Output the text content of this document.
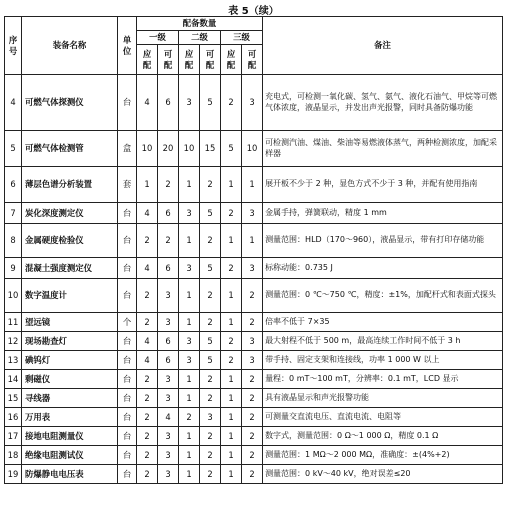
表 5（续）
序号	装备名称	单位	配备数量						备注
			一级		二级		三级		
			应配	可配	应配	可配	应配	可配	
4	可燃气体探测仪	台	4	6	3	5	2	3	充电式，可检测一氧化碳、氢气、氨气、液化石油气、甲烷等可燃气体浓度，液晶显示，并发出声光报警，同时具备防爆功能
5	可燃气体检测管	盒	10	20	10	15	5	10	可检测汽油、煤油、柴油等易燃液体蒸气，两种检测浓度，加配采样器
6	薄层色谱分析装置	套	1	2	1	2	1	1	展开板不少于 2 种，显色方式不少于 3 种，并配有使用指南
7	炭化深度测定仪	台	4	6	3	5	2	3	金属手持，弹簧联动，精度 1 mm
8	金属硬度检验仪	台	2	2	1	2	1	1	测量范围：HLD（170～960），液晶显示，带有打印存储功能
9	混凝土强度测定仪	台	4	6	3	5	2	3	标称动能：0.735 J
10	数字温度计	台	2	3	1	2	1	2	测量范围：0 ℃～750 ℃，精度：±1%，加配杆式和表面式探头
11	望远镜	个	2	3	1	2	1	2	倍率不低于 7×35
12	现场勘查灯	台	4	6	3	5	2	3	最大射程不低于 500 m，最高连续工作时间不低于 3 h
13	碘钨灯	台	4	6	3	5	2	3	带手持、固定支架和连接线，功率 1 000 W 以上
14	剩磁仪	台	2	3	1	2	1	2	量程：0 mT～100 mT，分辨率：0.1 mT，LCD 显示
15	寻线器	台	2	3	1	2	1	2	具有液晶显示和声光报警功能
16	万用表	台	2	4	2	3	1	2	可测量交直流电压、直流电流、电阻等
17	接地电阻测量仪	台	2	3	1	2	1	2	数字式，测量范围：0 Ω～1 000 Ω，精度 0.1 Ω
18	绝缘电阻测试仪	台	2	3	1	2	1	2	测量范围：1 MΩ～2 000 MΩ，准确度：±(4%+2)
19	防爆静电电压表	台	2	3	1	2	1	2	测量范围：0 kV～40 kV，绝对误差≤20
